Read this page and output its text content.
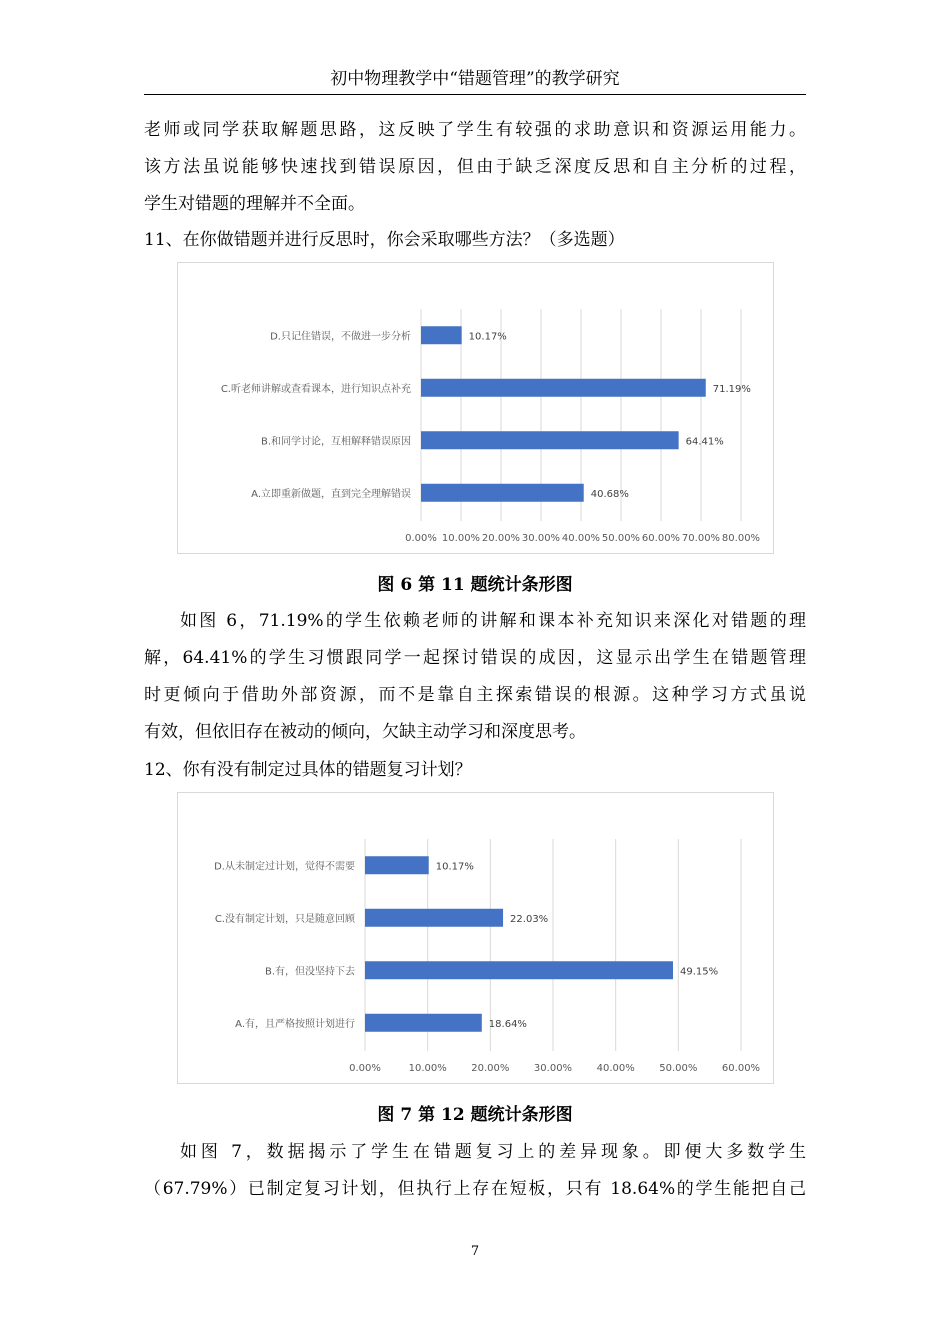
初中物理教学中“错题管理”的教学研究
老师或同学获取解题思路，这反映了学生有较强的求助意识和资源运用能力。
该方法虽说能够快速找到错误原因，但由于缺乏深度反思和自主分析的过程，
学生对错题的理解并不全面。
11、在你做错题并进行反思时，你会采取哪些方法？（多选题）
0.00% 10.00% 20.00% 30.00% 40.00% 50.00% 60.00% 70.00% 80.00%
D.只记住错误，不做进一步分析	10.17%
C.听老师讲解或查看课本，进行知识点补充	71.19%
B.和同学讨论，互相解释错误原因	64.41%
A.立即重新做题，直到完全理解错误	40.68%
图 6 第 11 题统计条形图
如图 6，71.19%的学生依赖老师的讲解和课本补充知识来深化对错题的理
解，64.41%的学生习惯跟同学一起探讨错误的成因，这显示出学生在错题管理
时更倾向于借助外部资源，而不是靠自主探索错误的根源。这种学习方式虽说
有效，但依旧存在被动的倾向，欠缺主动学习和深度思考。
12、你有没有制定过具体的错题复习计划？
0.00%	10.00% 20.00% 30.00% 40.00% 50.00% 60.00%
D.从未制定过计划，觉得不需要	10.17%
C.没有制定计划，只是随意回顾	22.03%
B.有，但没坚持下去	49.15%
A.有，且严格按照计划进行	18.64%
图 7 第 12 题统计条形图
如图 7，数据揭示了学生在错题复习上的差异现象。即便大多数学生
（67.79%）已制定复习计划，但执行上存在短板，只有 18.64%的学生能把自己
7
